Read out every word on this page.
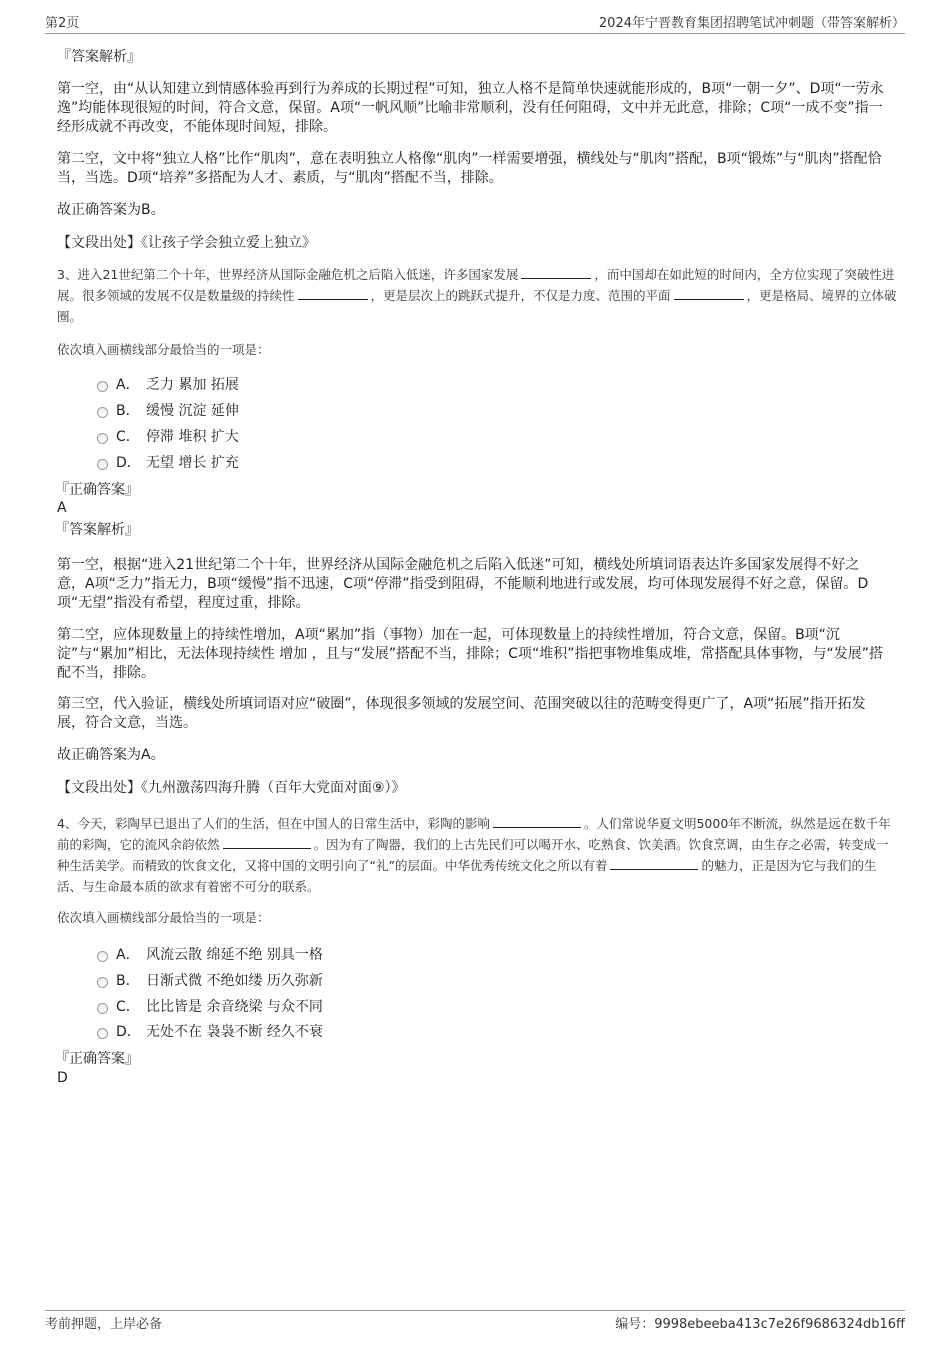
第2页	2024年宁晋教育集团招聘笔试冲刺题（带答案解析）
『答案解析』
第一空，由“从认知建立到情感体验再到行为养成的长期过程”可知，独立人格不是简单快速就能形成的，B项“一朝一夕”、D项“一劳永逸”均能体现很短的时间，符合文意，保留。A项“一帆风顺”比喻非常顺利，没有任何阻碍，文中并无此意，排除；C项“一成不变”指一经形成就不再改变，不能体现时间短，排除。
第二空，文中将“独立人格”比作“肌肉”，意在表明独立人格像“肌肉”一样需要增强，横线处与“肌肉”搭配，B项“锻炼”与“肌肉”搭配恰当，当选。D项“培养”多搭配为人才、素质，与“肌肉”搭配不当，排除。
故正确答案为B。
【文段出处】《让孩子学会独立爱上独立》
3、进入21世纪第二个十年，世界经济从国际金融危机之后陷入低迷，许多国家发展	，而中国却在如此短的时间内，全方位实现了突破性进展。很多领域的发展不仅是数量级的持续性	，更是层次上的跳跃式提升，不仅是力度、范围的平面	，更是格局、境界的立体破圈。
依次填入画横线部分最恰当的一项是：
A． 乏力 累加 拓展
B． 缓慢 沉淀 延伸
C． 停滞 堆积 扩大
D． 无望 增长 扩充
『正确答案』
A
『答案解析』
第一空，根据“进入21世纪第二个十年，世界经济从国际金融危机之后陷入低迷”可知，横线处所填词语表达许多国家发展得不好之意，A项“乏力”指无力，B项“缓慢”指不迅速，C项“停滞”指受到阻碍，不能顺利地进行或发展，均可体现发展得不好之意，保留。D项“无望”指没有希望，程度过重，排除。
第二空，应体现数量上的持续性增加，A项“累加”指（事物）加在一起，可体现数量上的持续性增加，符合文意，保留。B项“沉淀”与“累加”相比，无法体现持续性 增加 ，且与“发展”搭配不当，排除；C项“堆积”指把事物堆集成堆，常搭配具体事物，与“发展”搭配不当，排除。
第三空，代入验证，横线处所填词语对应“破圈”，体现很多领域的发展空间、范围突破以往的范畴变得更广了，A项“拓展”指开拓发展，符合文意，当选。
故正确答案为A。
【文段出处】《九州激荡四海升腾（百年大党面对面⑨）》
4、今天，彩陶早已退出了人们的生活，但在中国人的日常生活中，彩陶的影响	。人们常说华夏文明5000年不断流，纵然是远在数千年前的彩陶，它的流风余韵依然	。因为有了陶器，我们的上古先民们可以喝开水、吃熟食、饮美酒。饮食烹调，由生存之必需，转变成一种生活美学。而精致的饮食文化，又将中国的文明引向了“礼”的层面。中华优秀传统文化之所以有着	的魅力，正是因为它与我们的生活、与生命最本质的欲求有着密不可分的联系。
依次填入画横线部分最恰当的一项是：
A． 风流云散 绵延不绝 别具一格
B． 日渐式微 不绝如缕 历久弥新
C． 比比皆是 余音绕梁 与众不同
D． 无处不在 袅袅不断 经久不衰
『正确答案』
D
考前押题，上岸必备	编号：9998ebeeba413c7e26f9686324db16ff
